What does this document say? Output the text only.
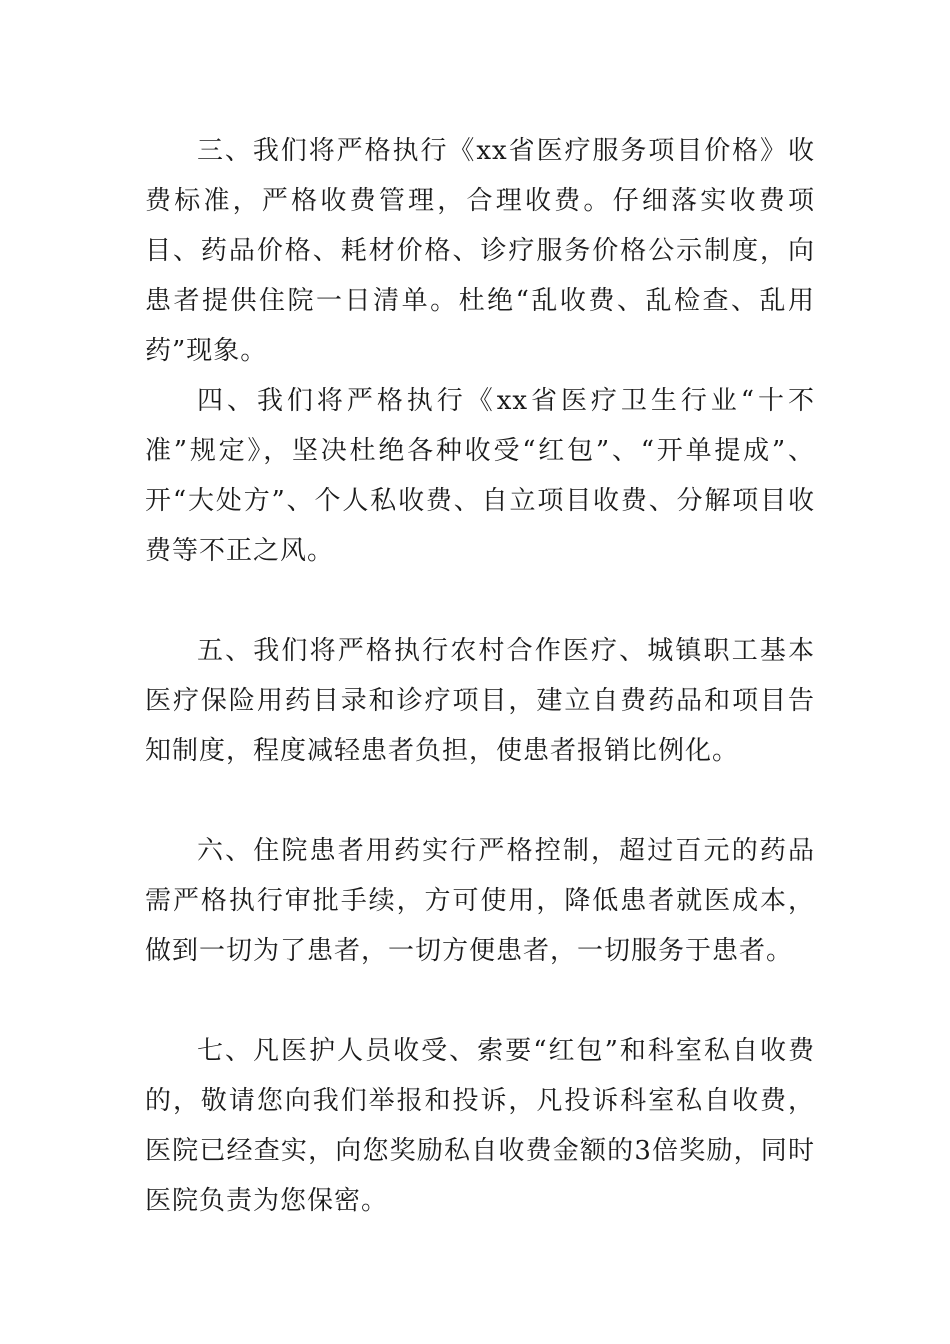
三、我们将严格执行《xx省医疗服务项目价格》收费标准，严格收费管理，合理收费。仔细落实收费项目、药品价格、耗材价格、诊疗服务价格公示制度，向患者提供住院一日清单。杜绝“乱收费、乱检查、乱用药”现象。

四、我们将严格执行《xx省医疗卫生行业“十不准”规定》，坚决杜绝各种收受“红包”、“开单提成”、开“大处方”、个人私收费、自立项目收费、分解项目收费等不正之风。

五、我们将严格执行农村合作医疗、城镇职工基本医疗保险用药目录和诊疗项目，建立自费药品和项目告知制度，程度减轻患者负担，使患者报销比例化。

六、住院患者用药实行严格控制，超过百元的药品需严格执行审批手续，方可使用，降低患者就医成本，做到一切为了患者，一切方便患者，一切服务于患者。

七、凡医护人员收受、索要“红包”和科室私自收费的，敬请您向我们举报和投诉，凡投诉科室私自收费，医院已经查实，向您奖励私自收费金额的3倍奖励，同时医院负责为您保密。
